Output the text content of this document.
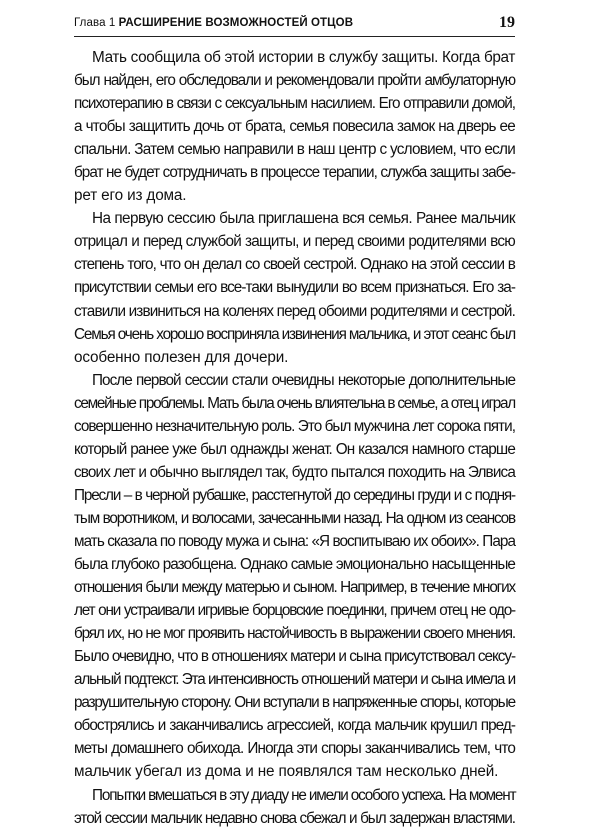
Глава 1 РАСШИРЕНИЕ ВОЗМОЖНОСТЕЙ ОТЦОВ	19
Мать сообщила об этой истории в службу защиты. Когда брат
был найден, его обследовали и рекомендовали пройти амбулаторную
психотерапию в связи с сексуальным насилием. Его отправили домой,
а чтобы защитить дочь от брата, семья повесила замок на дверь ее
спальни. Затем семью направили в наш центр с условием, что если
брат не будет сотрудничать в процессе терапии, служба защиты забе-
рет его из дома.
На первую сессию была приглашена вся семья. Ранее мальчик
отрицал и перед службой защиты, и перед своими родителями всю
степень того, что он делал со своей сестрой. Однако на этой сессии в
присутствии семьи его все-таки вынудили во всем признаться. Его за-
ставили извиниться на коленях перед обоими родителями и сестрой.
Семья очень хорошо восприняла извинения мальчика, и этот сеанс был
особенно полезен для дочери.
После первой сессии стали очевидны некоторые дополнительные
семейные проблемы. Мать была очень влиятельна в семье, а отец играл
совершенно незначительную роль. Это был мужчина лет сорока пяти,
который ранее уже был однажды женат. Он казался намного старше
своих лет и обычно выглядел так, будто пытался походить на Элвиса
Пресли – в черной рубашке, расстегнутой до середины груди и с подня-
тым воротником, и волосами, зачесанными назад. На одном из сеансов
мать сказала по поводу мужа и сына: «Я воспитываю их обоих». Пара
была глубоко разобщена. Однако самые эмоционально насыщенные
отношения были между матерью и сыном. Например, в течение многих
лет они устраивали игривые борцовские поединки, причем отец не одо-
брял их, но не мог проявить настойчивость в выражении своего мнения.
Было очевидно, что в отношениях матери и сына присутствовал сексу-
альный подтекст. Эта интенсивность отношений матери и сына имела и
разрушительную сторону. Они вступали в напряженные споры, которые
обострялись и заканчивались агрессией, когда мальчик крушил пред-
меты домашнего обихода. Иногда эти споры заканчивались тем, что
мальчик убегал из дома и не появлялся там несколько дней.
Попытки вмешаться в эту диаду не имели особого успеха. На момент
этой сессии мальчик недавно снова сбежал и был задержан властями.
